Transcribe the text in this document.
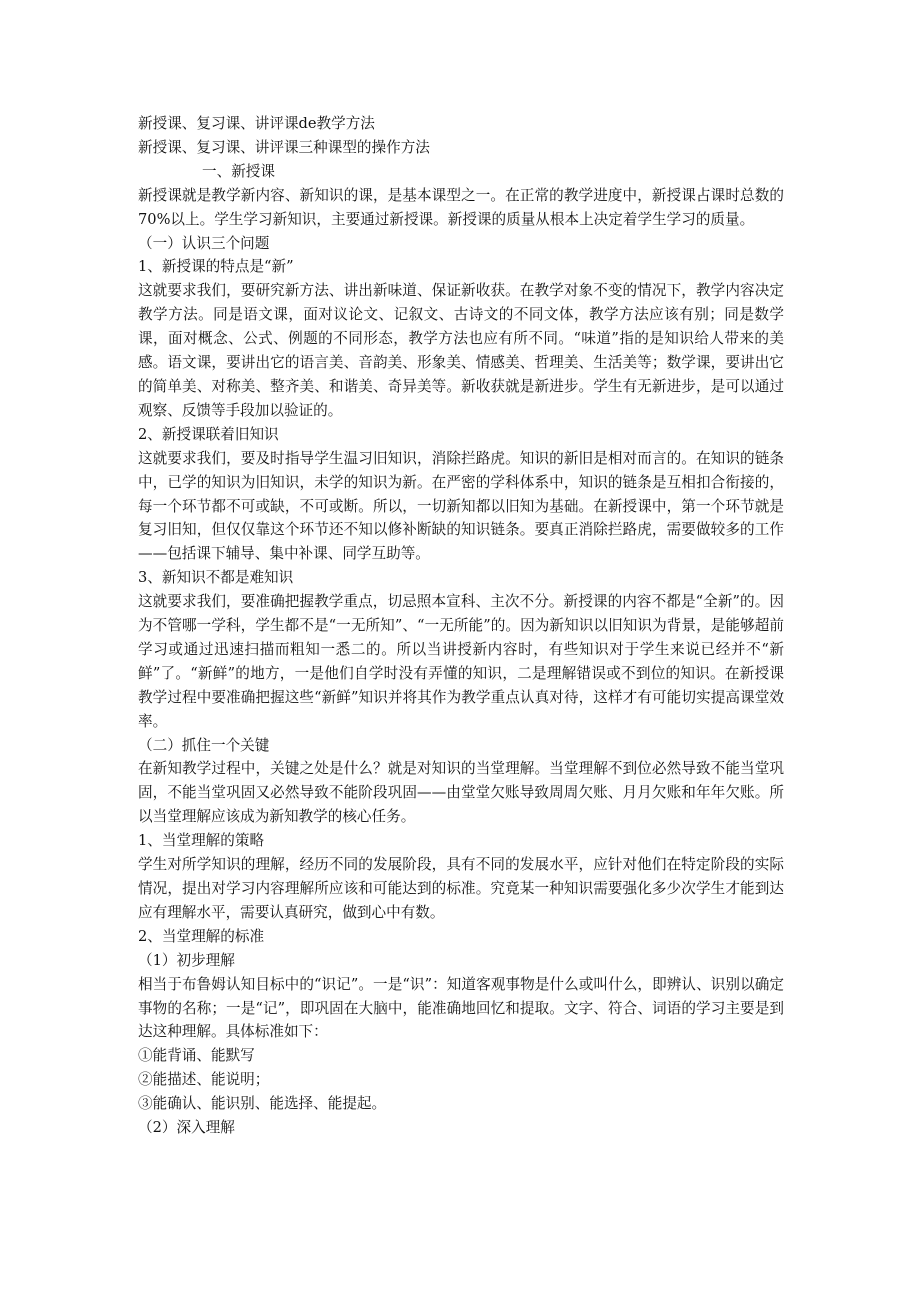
新授课、复习课、讲评课de教学方法
新授课、复习课、讲评课三种课型的操作方法
一、新授课
新授课就是教学新内容、新知识的课，是基本课型之一。在正常的教学进度中，新授课占课时总数的70%以上。学生学习新知识，主要通过新授课。新授课的质量从根本上决定着学生学习的质量。
（一）认识三个问题
1、新授课的特点是“新”
这就要求我们，要研究新方法、讲出新味道、保证新收获。在教学对象不变的情况下，教学内容决定教学方法。同是语文课，面对议论文、记叙文、古诗文的不同文体，教学方法应该有别；同是数学课，面对概念、公式、例题的不同形态，教学方法也应有所不同。“味道”指的是知识给人带来的美感。语文课，要讲出它的语言美、音韵美、形象美、情感美、哲理美、生活美等；数学课，要讲出它的简单美、对称美、整齐美、和谐美、奇异美等。新收获就是新进步。学生有无新进步，是可以通过观察、反馈等手段加以验证的。
2、新授课联着旧知识
这就要求我们，要及时指导学生温习旧知识，消除拦路虎。知识的新旧是相对而言的。在知识的链条中，已学的知识为旧知识，未学的知识为新。在严密的学科体系中，知识的链条是互相扣合衔接的，每一个环节都不可或缺，不可或断。所以，一切新知都以旧知为基础。在新授课中，第一个环节就是复习旧知，但仅仅靠这个环节还不知以修补断缺的知识链条。要真正消除拦路虎，需要做较多的工作——包括课下辅导、集中补课、同学互助等。
3、新知识不都是难知识
这就要求我们，要准确把握教学重点，切忌照本宣科、主次不分。新授课的内容不都是“全新”的。因为不管哪一学科，学生都不是“一无所知”、“一无所能”的。因为新知识以旧知识为背景，是能够超前学习或通过迅速扫描而粗知一悉二的。所以当讲授新内容时，有些知识对于学生来说已经并不“新鲜”了。“新鲜”的地方，一是他们自学时没有弄懂的知识，二是理解错误或不到位的知识。在新授课教学过程中要准确把握这些“新鲜”知识并将其作为教学重点认真对待，这样才有可能切实提高课堂效率。
（二）抓住一个关键
在新知教学过程中，关键之处是什么？就是对知识的当堂理解。当堂理解不到位必然导致不能当堂巩固，不能当堂巩固又必然导致不能阶段巩固——由堂堂欠账导致周周欠账、月月欠账和年年欠账。所以当堂理解应该成为新知教学的核心任务。
1、当堂理解的策略
学生对所学知识的理解，经历不同的发展阶段，具有不同的发展水平，应针对他们在特定阶段的实际情况，提出对学习内容理解所应该和可能达到的标准。究竟某一种知识需要强化多少次学生才能到达应有理解水平，需要认真研究，做到心中有数。
2、当堂理解的标准
（1）初步理解
相当于布鲁姆认知目标中的“识记”。一是“识”：知道客观事物是什么或叫什么，即辨认、识别以确定事物的名称；一是“记”，即巩固在大脑中，能准确地回忆和提取。文字、符合、词语的学习主要是到达这种理解。具体标准如下：
①能背诵、能默写
②能描述、能说明；
③能确认、能识别、能选择、能提起。
（2）深入理解
